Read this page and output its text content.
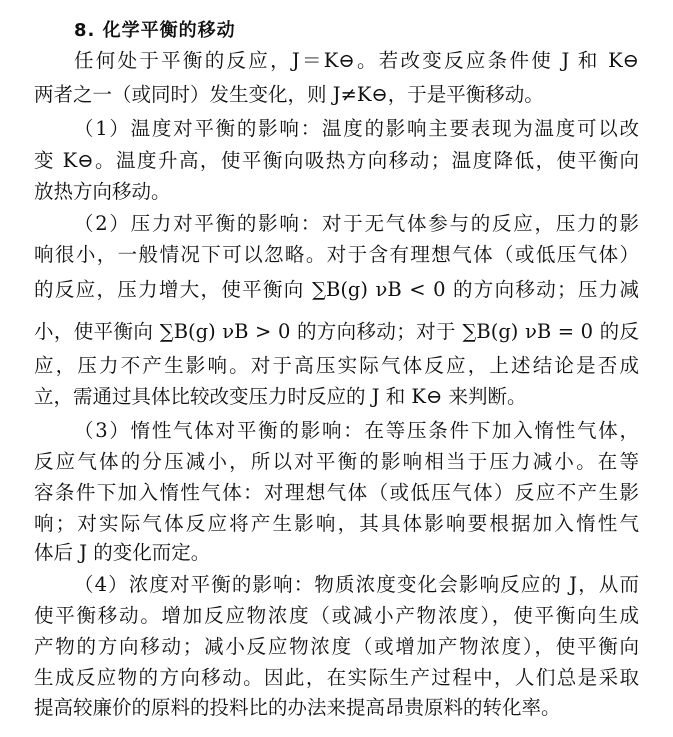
8. 化学平衡的移动
任何处于平衡的反应，J＝K⊖。若改变反应条件使 J 和 K⊖
两者之一（或同时）发生变化，则 J≠K⊖，于是平衡移动。
（1）温度对平衡的影响：温度的影响主要表现为温度可以改
变 K⊖。温度升高，使平衡向吸热方向移动；温度降低，使平衡向
放热方向移动。
（2）压力对平衡的影响：对于无气体参与的反应，压力的影
响很小，一般情况下可以忽略。对于含有理想气体（或低压气体）
的反应，压力增大，使平衡向 ∑B(g) νB < 0 的方向移动；压力减
小，使平衡向 ∑B(g) νB > 0 的方向移动；对于 ∑B(g) νB = 0 的反
应，压力不产生影响。对于高压实际气体反应，上述结论是否成
立，需通过具体比较改变压力时反应的 J 和 K⊖ 来判断。
（3）惰性气体对平衡的影响：在等压条件下加入惰性气体，
反应气体的分压减小，所以对平衡的影响相当于压力减小。在等
容条件下加入惰性气体：对理想气体（或低压气体）反应不产生影
响；对实际气体反应将产生影响，其具体影响要根据加入惰性气
体后 J 的变化而定。
（4）浓度对平衡的影响：物质浓度变化会影响反应的 J，从而
使平衡移动。增加反应物浓度（或减小产物浓度），使平衡向生成
产物的方向移动；减小反应物浓度（或增加产物浓度），使平衡向
生成反应物的方向移动。因此，在实际生产过程中，人们总是采取
提高较廉价的原料的投料比的办法来提高昂贵原料的转化率。
